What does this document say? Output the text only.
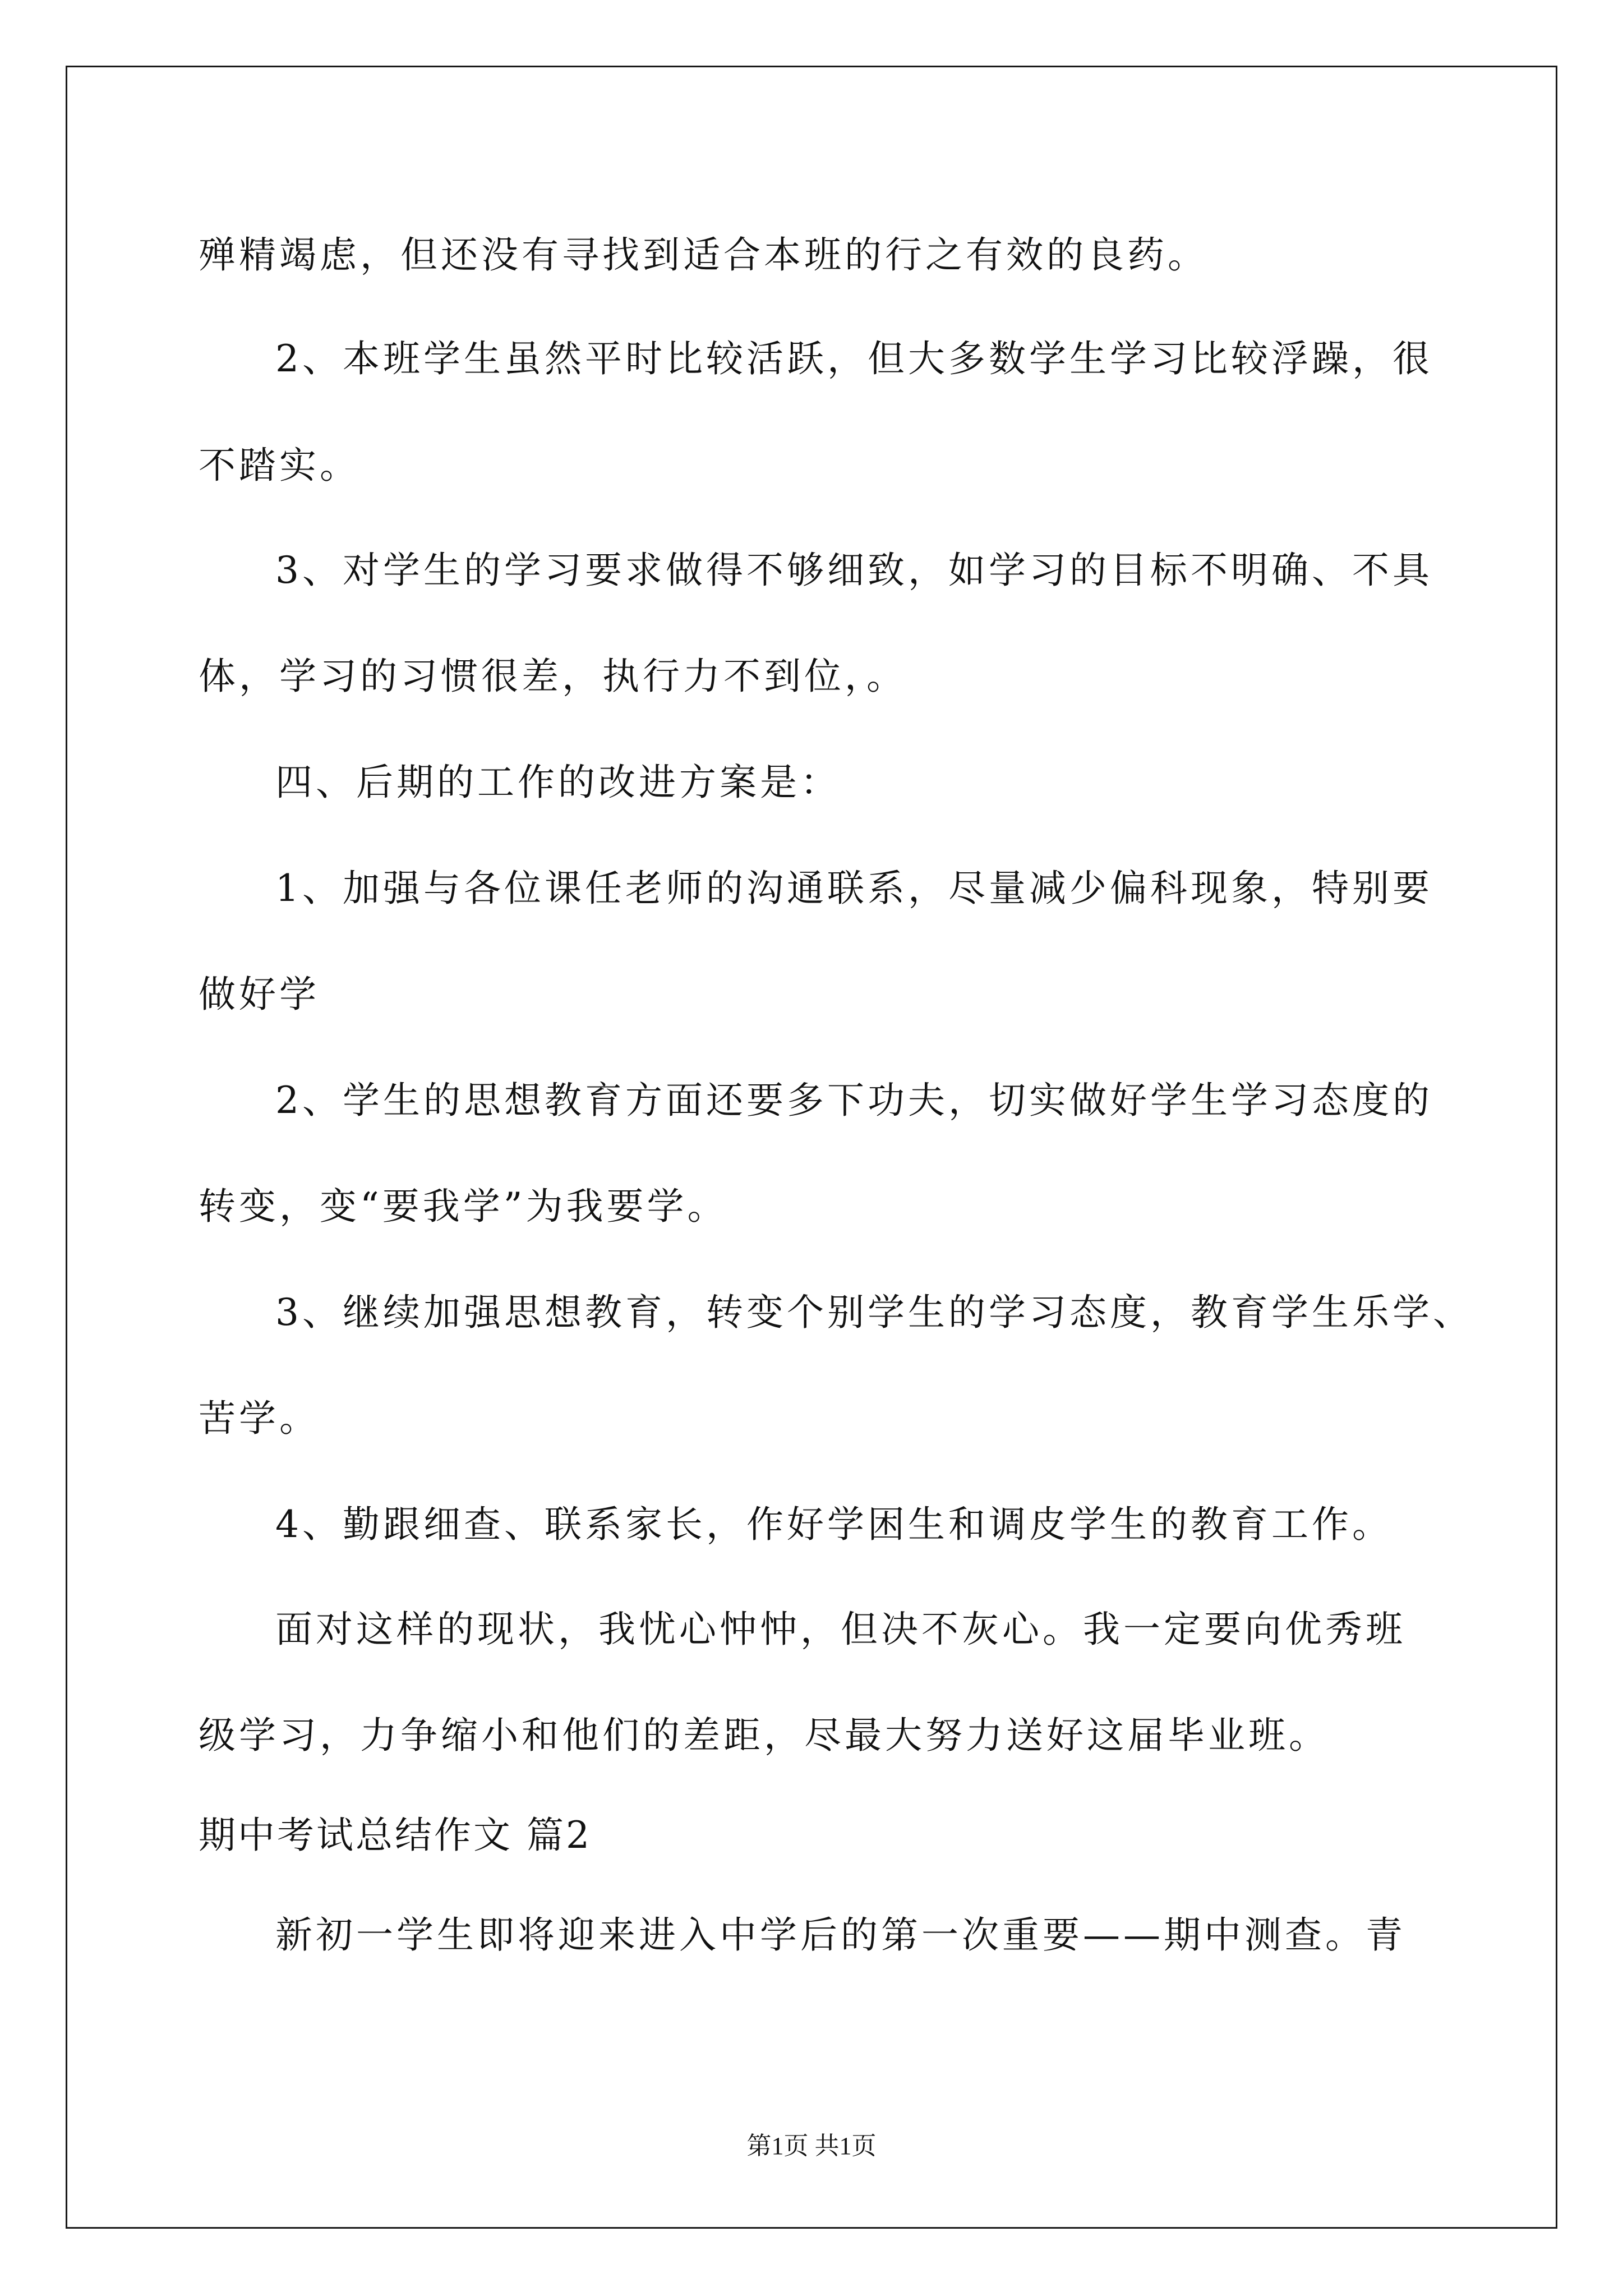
殚精竭虑，但还没有寻找到适合本班的行之有效的良药。
2、本班学生虽然平时比较活跃，但大多数学生学习比较浮躁，很
不踏实。
3、对学生的学习要求做得不够细致，如学习的目标不明确、不具
体，学习的习惯很差，执行力不到位，。
四、后期的工作的改进方案是：
1、加强与各位课任老师的沟通联系，尽量减少偏科现象，特别要
做好学
2、学生的思想教育方面还要多下功夫，切实做好学生学习态度的
转变，变“要我学”为我要学。
3、继续加强思想教育，转变个别学生的学习态度，教育学生乐学、
苦学。
4、勤跟细查、联系家长，作好学困生和调皮学生的教育工作。
面对这样的现状，我忧心忡忡，但决不灰心。我一定要向优秀班
级学习，力争缩小和他们的差距，尽最大努力送好这届毕业班。
期中考试总结作文 篇2
新初一学生即将迎来进入中学后的第一次重要——期中测查。青
第1页 共1页
